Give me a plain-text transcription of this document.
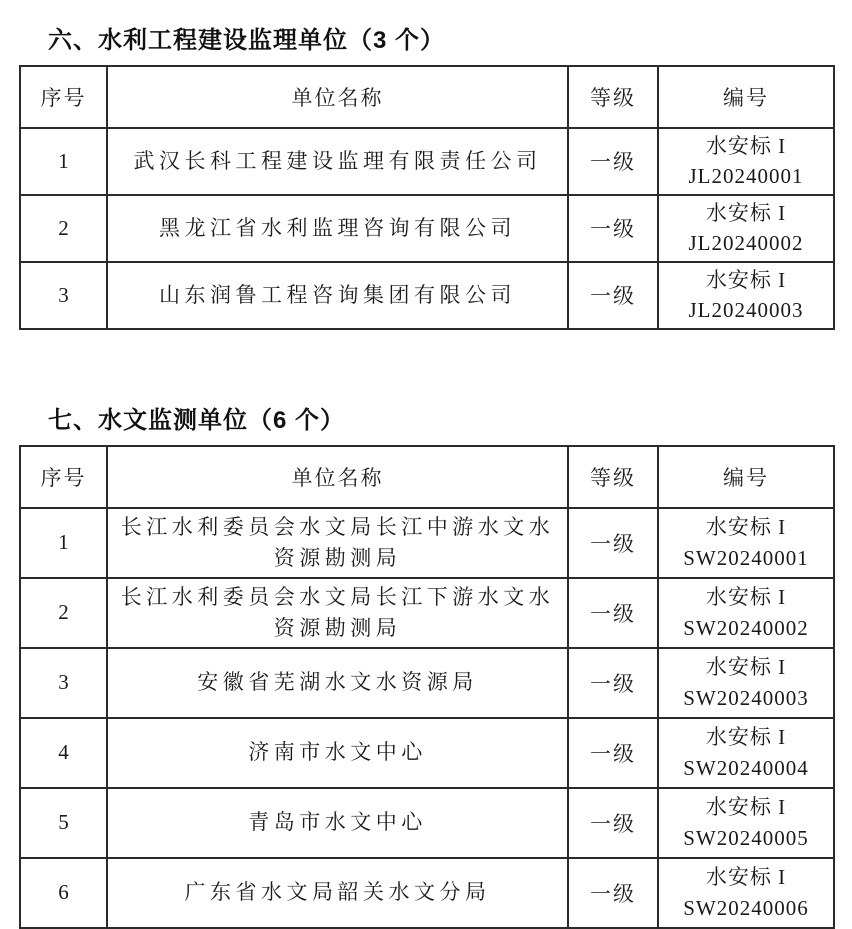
六、水利工程建设监理单位（3 个）
序号	单位名称	等级	编号
1	武汉长科工程建设监理有限责任公司	一级	水安标 I
JL20240001

2	黑龙江省水利监理咨询有限公司	一级	水安标 I
JL20240002

3	山东润鲁工程咨询集团有限公司	一级	水安标 I
JL20240003
七、水文监测单位（6 个）
序号	单位名称	等级	编号
1	长江水利委员会水文局长江中游水文水资源勘测局	一级	水安标 I
SW20240001

2	长江水利委员会水文局长江下游水文水资源勘测局	一级	水安标 I
SW20240002

3	安徽省芜湖水文水资源局	一级	水安标 I
SW20240003

4	济南市水文中心	一级	水安标 I
SW20240004

5	青岛市水文中心	一级	水安标 I
SW20240005

6	广东省水文局韶关水文分局	一级	水安标 I
SW20240006
